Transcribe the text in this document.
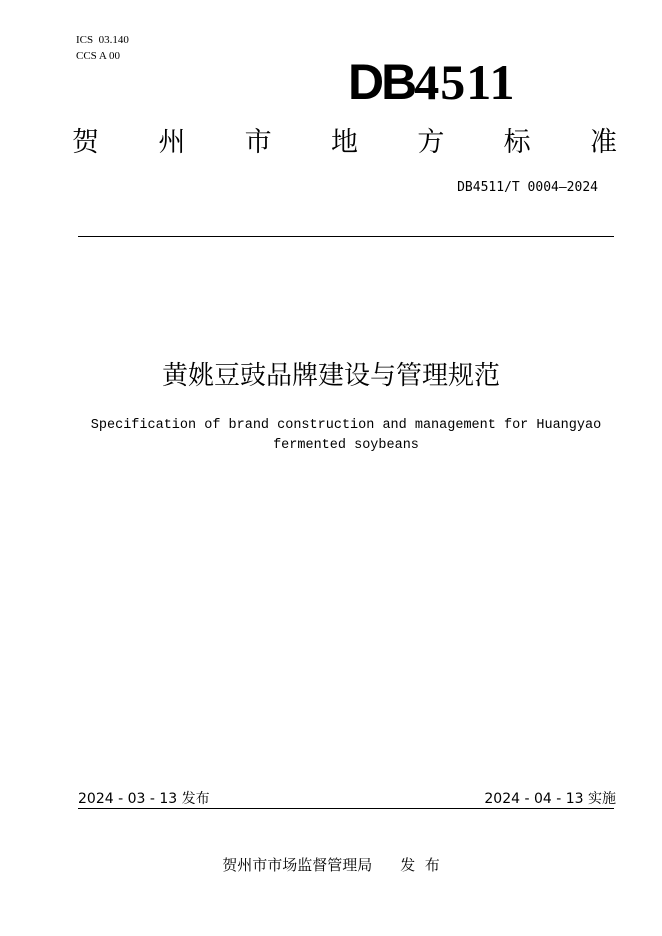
ICS  03.140
CCS A 00	DB4511
贺 州 市 地 方 标 准
DB4511/T 0004—2024
黄姚豆豉品牌建设与管理规范
Specification of brand construction and management for Huangyao
fermented soybeans
2024 - 03 - 13 发布	2024 - 04 - 13 实施
贺州市市场监督管理局 发  布
